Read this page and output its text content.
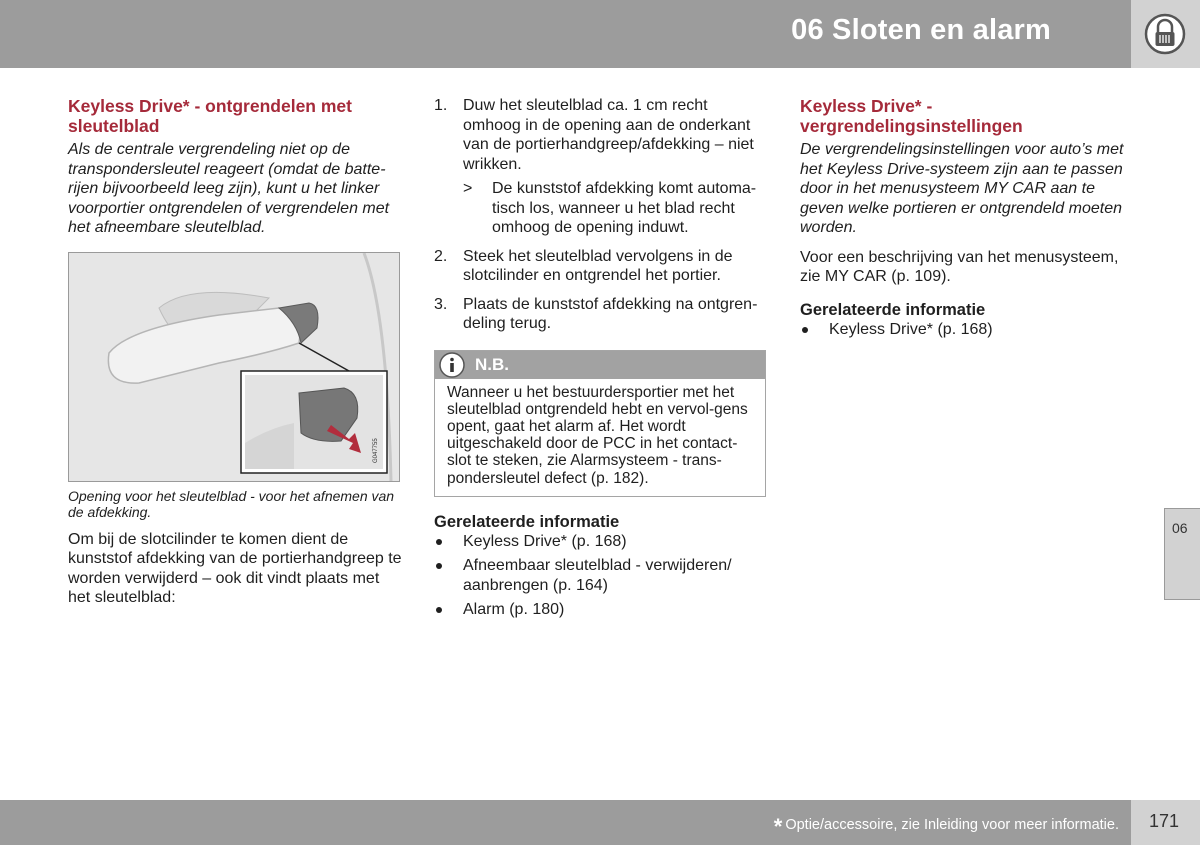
06 Sloten en alarm
Keyless Drive* - ontgrendelen met sleutelblad

Als de centrale vergrendeling niet op de transpondersleutel reageert (omdat de batte-rijen bijvoorbeeld leeg zijn), kunt u het linker voorportier ontgrendelen of vergrendelen met het afneembare sleutelblad.

G047755
Opening voor het sleutelblad - voor het afnemen van de afdekking.

Om bij de slotcilinder te komen dient de kunststof afdekking van de portierhandgreep te worden verwijderd – ook dit vindt plaats met het sleutelblad:

1. Duw het sleutelblad ca. 1 cm recht omhoog in de opening aan de onderkant van de portierhandgreep/afdekking – niet wrikken.
> De kunststof afdekking komt automa-tisch los, wanneer u het blad recht omhoog de opening induwt.
2. Steek het sleutelblad vervolgens in de slotcilinder en ontgrendel het portier.
3. Plaats de kunststof afdekking na ontgren-deling terug.
N.B.
Wanneer u het bestuurdersportier met het sleutelblad ontgrendeld hebt en vervol-gens opent, gaat het alarm af. Het wordt uitgeschakeld door de PCC in het contact-slot te steken, zie Alarmsysteem - trans-pondersleutel defect (p. 182).
Gerelateerde informatie
Keyless Drive* (p. 168)
Afneembaar sleutelblad - verwijderen/ aanbrengen (p. 164)
Alarm (p. 180)
Keyless Drive* - vergrendelingsinstellingen

De vergrendelingsinstellingen voor auto’s met het Keyless Drive-systeem zijn aan te passen door in het menusysteem MY CAR aan te geven welke portieren er ontgrendeld moeten worden.

Voor een beschrijving van het menusysteem, zie MY CAR (p. 109).

Gerelateerde informatie
Keyless Drive* (p. 168)
06
* Optie/accessoire, zie Inleiding voor meer informatie. 171
